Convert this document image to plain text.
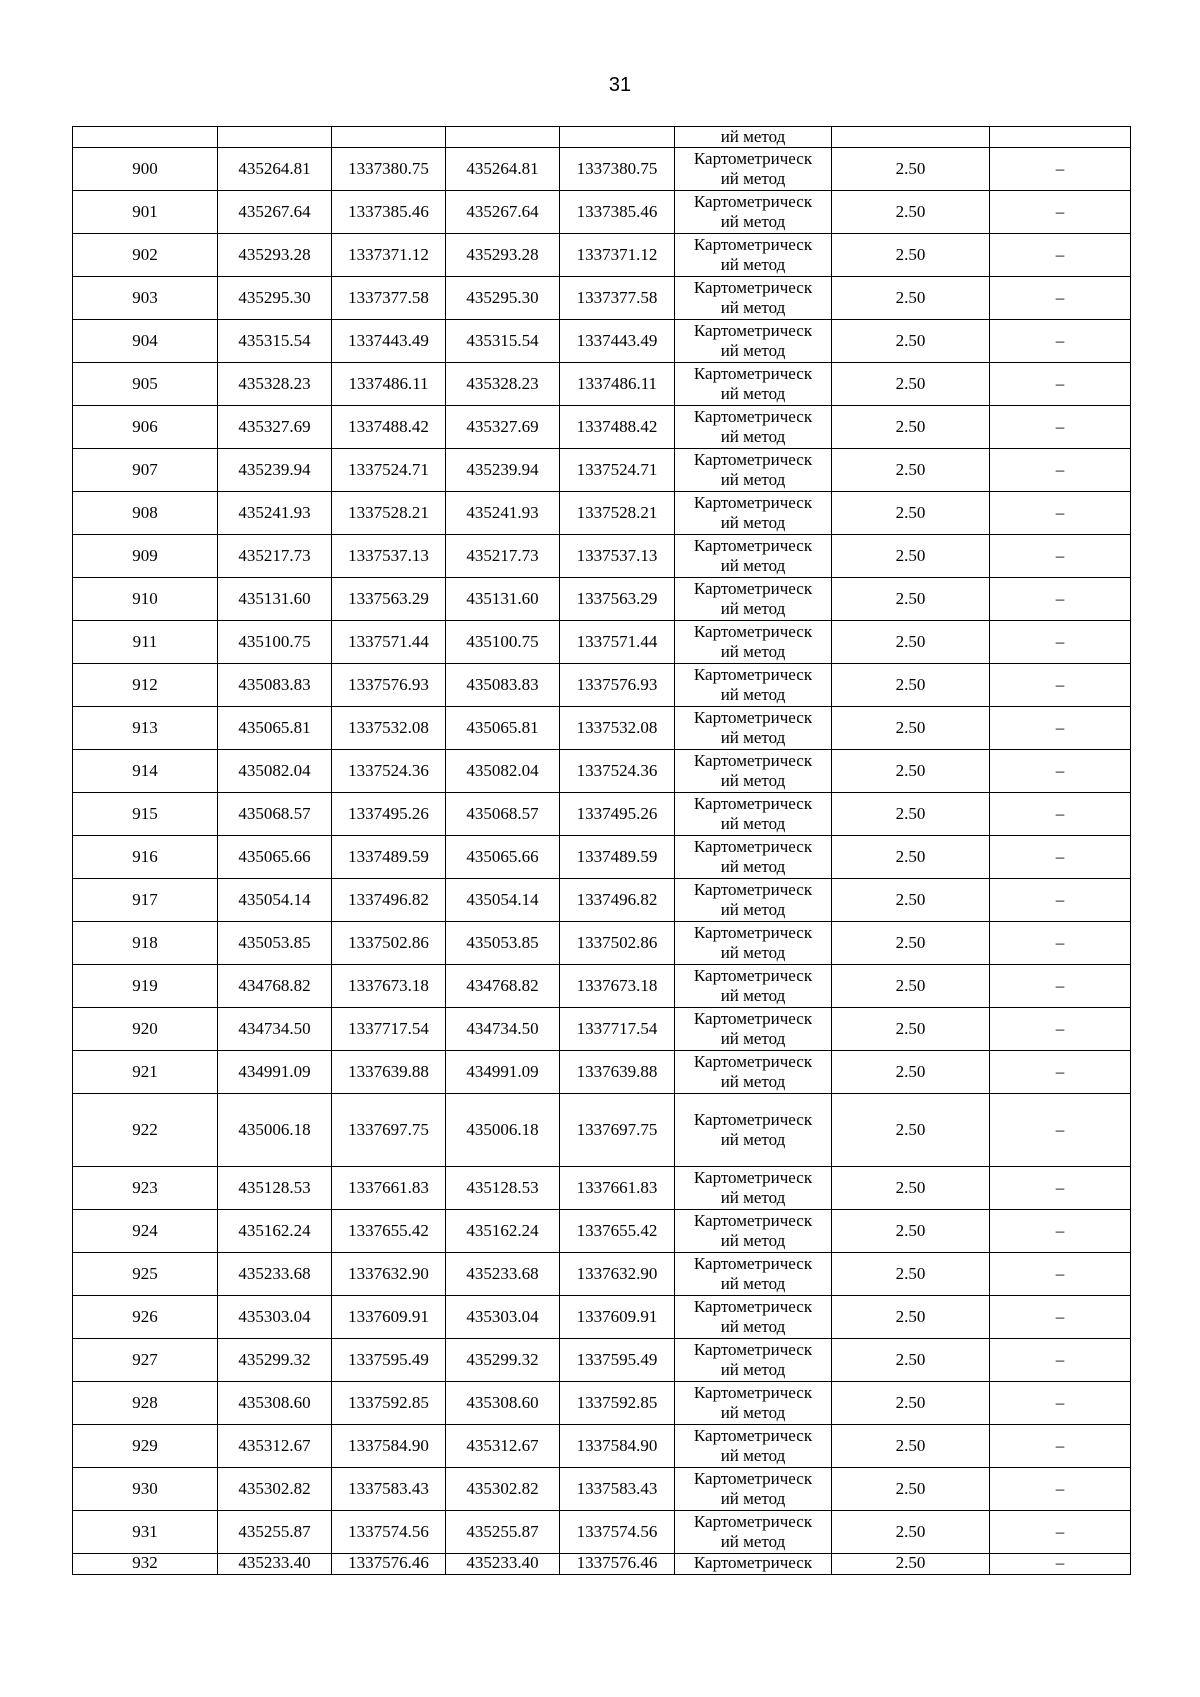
31
					ий метод		
900	435264.81	1337380.75	435264.81	1337380.75	Картометрическ
ий метод	2.50	–
901	435267.64	1337385.46	435267.64	1337385.46	Картометрическ
ий метод	2.50	–
902	435293.28	1337371.12	435293.28	1337371.12	Картометрическ
ий метод	2.50	–
903	435295.30	1337377.58	435295.30	1337377.58	Картометрическ
ий метод	2.50	–
904	435315.54	1337443.49	435315.54	1337443.49	Картометрическ
ий метод	2.50	–
905	435328.23	1337486.11	435328.23	1337486.11	Картометрическ
ий метод	2.50	–
906	435327.69	1337488.42	435327.69	1337488.42	Картометрическ
ий метод	2.50	–
907	435239.94	1337524.71	435239.94	1337524.71	Картометрическ
ий метод	2.50	–
908	435241.93	1337528.21	435241.93	1337528.21	Картометрическ
ий метод	2.50	–
909	435217.73	1337537.13	435217.73	1337537.13	Картометрическ
ий метод	2.50	–
910	435131.60	1337563.29	435131.60	1337563.29	Картометрическ
ий метод	2.50	–
911	435100.75	1337571.44	435100.75	1337571.44	Картометрическ
ий метод	2.50	–
912	435083.83	1337576.93	435083.83	1337576.93	Картометрическ
ий метод	2.50	–
913	435065.81	1337532.08	435065.81	1337532.08	Картометрическ
ий метод	2.50	–
914	435082.04	1337524.36	435082.04	1337524.36	Картометрическ
ий метод	2.50	–
915	435068.57	1337495.26	435068.57	1337495.26	Картометрическ
ий метод	2.50	–
916	435065.66	1337489.59	435065.66	1337489.59	Картометрическ
ий метод	2.50	–
917	435054.14	1337496.82	435054.14	1337496.82	Картометрическ
ий метод	2.50	–
918	435053.85	1337502.86	435053.85	1337502.86	Картометрическ
ий метод	2.50	–
919	434768.82	1337673.18	434768.82	1337673.18	Картометрическ
ий метод	2.50	–
920	434734.50	1337717.54	434734.50	1337717.54	Картометрическ
ий метод	2.50	–
921	434991.09	1337639.88	434991.09	1337639.88	Картометрическ
ий метод	2.50	–
922	435006.18	1337697.75	435006.18	1337697.75	Картометрическ
ий метод	2.50	–
923	435128.53	1337661.83	435128.53	1337661.83	Картометрическ
ий метод	2.50	–
924	435162.24	1337655.42	435162.24	1337655.42	Картометрическ
ий метод	2.50	–
925	435233.68	1337632.90	435233.68	1337632.90	Картометрическ
ий метод	2.50	–
926	435303.04	1337609.91	435303.04	1337609.91	Картометрическ
ий метод	2.50	–
927	435299.32	1337595.49	435299.32	1337595.49	Картометрическ
ий метод	2.50	–
928	435308.60	1337592.85	435308.60	1337592.85	Картометрическ
ий метод	2.50	–
929	435312.67	1337584.90	435312.67	1337584.90	Картометрическ
ий метод	2.50	–
930	435302.82	1337583.43	435302.82	1337583.43	Картометрическ
ий метод	2.50	–
931	435255.87	1337574.56	435255.87	1337574.56	Картометрическ
ий метод	2.50	–
932	435233.40	1337576.46	435233.40	1337576.46	Картометрическ	2.50	–
